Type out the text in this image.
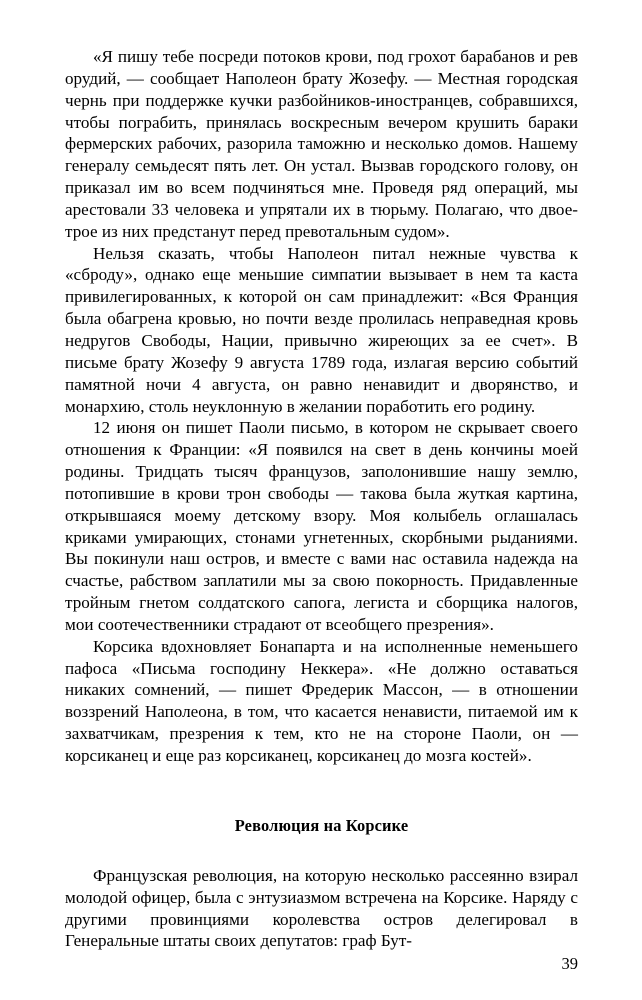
«Я пишу тебе посреди потоков крови, под грохот барабанов и рев орудий, — сообщает Наполеон брату Жозефу. — Местная городская чернь при поддержке кучки разбойников-иностранцев, собравшихся, чтобы пограбить, принялась воскресным вечером крушить бараки фермерских рабочих, разорила таможню и несколько домов. Нашему генералу семьдесят пять лет. Он устал. Вызвав городского голову, он приказал им во всем подчиняться мне. Проведя ряд операций, мы арестовали 33 человека и упрятали их в тюрьму. Полагаю, что двое-трое из них предстанут перед превотальным судом».

Нельзя сказать, чтобы Наполеон питал нежные чувства к «сброду», однако еще меньшие симпатии вызывает в нем та каста привилегированных, к которой он сам принадлежит: «Вся Франция была обагрена кровью, но почти везде пролилась неправедная кровь недругов Свободы, Нации, привычно жиреющих за ее счет». В письме брату Жозефу 9 августа 1789 года, излагая версию событий памятной ночи 4 августа, он равно ненавидит и дворянство, и монархию, столь неуклонную в желании поработить его родину.

12 июня он пишет Паоли письмо, в котором не скрывает своего отношения к Франции: «Я появился на свет в день кончины моей родины. Тридцать тысяч французов, заполонившие нашу землю, потопившие в крови трон свободы — такова была жуткая картина, открывшаяся моему детскому взору. Моя колыбель оглашалась криками умирающих, стонами угнетенных, скорбными рыданиями. Вы покинули наш остров, и вместе с вами нас оставила надежда на счастье, рабством заплатили мы за свою покорность. Придавленные тройным гнетом солдатского сапога, легиста и сборщика налогов, мои соотечественники страдают от всеобщего презрения».

Корсика вдохновляет Бонапарта и на исполненные неменьшего пафоса «Письма господину Неккера». «Не должно оставаться никаких сомнений, — пишет Фредерик Массон, — в отношении воззрений Наполеона, в том, что касается ненависти, питаемой им к захватчикам, презрения к тем, кто не на стороне Паоли, он — корсиканец и еще раз корсиканец, корсиканец до мозга костей».

Революция на Корсике

Французская революция, на которую несколько рассеянно взирал молодой офицер, была с энтузиазмом встречена на Корсике. Наряду с другими провинциями королевства остров делегировал в Генеральные штаты своих депутатов: граф Бут-

39
